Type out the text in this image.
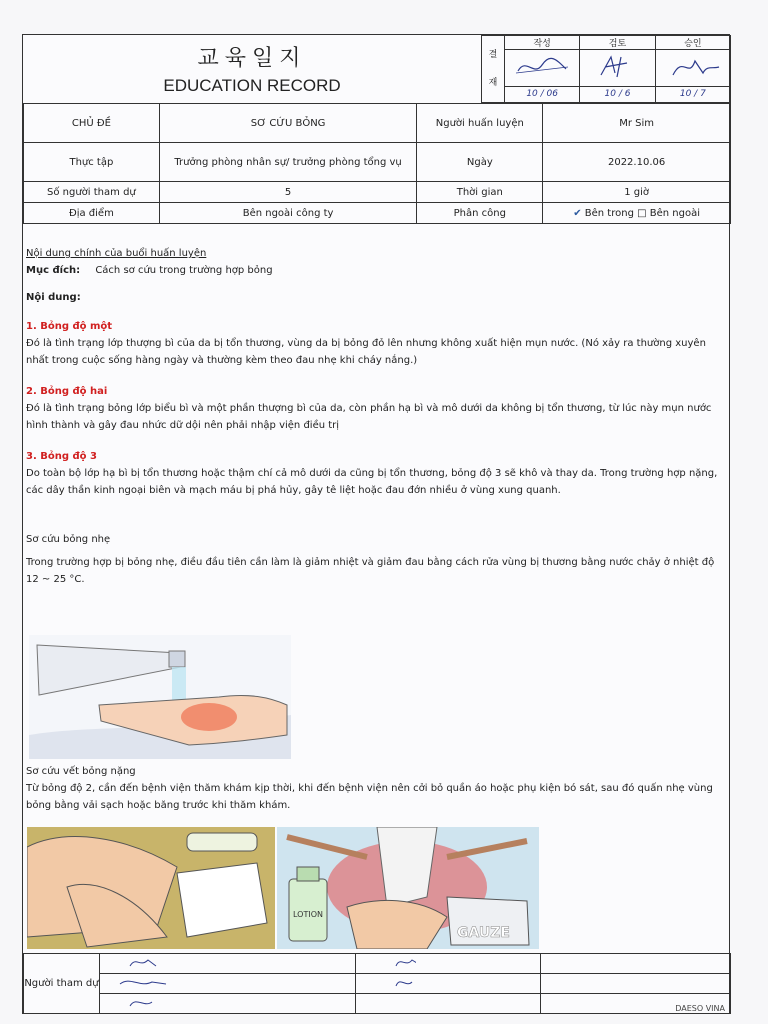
교육일지
EDUCATION RECORD
결
재	작성	검토	승인

	10 / 06	10 / 6	10 / 7
CHỦ ĐỀ	SƠ CỨU BỎNG	Người huấn luyện	Mr Sim
Thực tập	Trưởng phòng nhân sự/ trưởng phòng tổng vụ	Ngày	2022.10.06
Số người tham dự	5	Thời gian	1 giờ
Địa điểm	Bên ngoài công ty	Phân công	✔ Bên trong □ Bên ngoài

Nội dung chính của buổi huấn luyện

Mục đích: Cách sơ cứu trong trường hợp bỏng

Nội dung:

1. Bỏng độ một

Đó là tình trạng lớp thượng bì của da bị tổn thương, vùng da bị bỏng đỏ lên nhưng không xuất hiện mụn nước. (Nó xảy ra thường xuyên nhất trong cuộc sống hàng ngày và thường kèm theo đau nhẹ khi cháy nắng.)

2. Bỏng độ hai

Đó là tình trạng bỏng lớp biểu bì và một phần thượng bì của da, còn phần hạ bì và mô dưới da không bị tổn thương, từ lúc này mụn nước hình thành và gây đau nhức dữ dội nên phải nhập viện điều trị

3. Bỏng độ 3

Do toàn bộ lớp hạ bì bị tổn thương hoặc thậm chí cả mô dưới da cũng bị tổn thương, bỏng độ 3 sẽ khô và thay da. Trong trường hợp nặng, các dây thần kinh ngoại biên và mạch máu bị phá hủy, gây tê liệt hoặc đau đớn nhiều ở vùng xung quanh.

Sơ cứu bỏng nhẹ

Trong trường hợp bị bỏng nhẹ, điều đầu tiên cần làm là giảm nhiệt và giảm đau bằng cách rửa vùng bị thương bằng nước chảy ở nhiệt độ 12 ~ 25 °C.

Sơ cứu vết bỏng nặng

Từ bỏng độ 2, cần đến bệnh viện thăm khám kịp thời, khi đến bệnh viện nên cởi bỏ quần áo hoặc phụ kiện bó sát, sau đó quấn nhẹ vùng bỏng bằng vải sạch hoặc băng trước khi thăm khám.

LOTION
GAUZE
Người tham dự			

DAESO VINA
